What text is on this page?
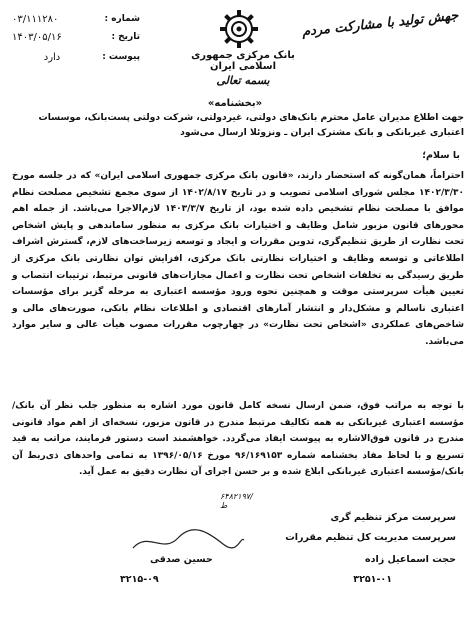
جهش تولید با مشارکت مردم
بانک مرکزی جمهوری اسلامی ایران
بسمه تعالی
شماره :
۰۳/۱۱۱۲۸۰
تاریخ :
۱۴۰۳/۰۵/۱۶
پیوست :
دارد
«بخشنامه»
جهت اطلاع مدیران عامل محترم بانک‌های دولتی، غیردولتی، شرکت دولتی پست‌بانک، موسسات اعتباری غیربانکی و بانک مشترک ایران ـ ونزوئلا ارسال می‌شود
با سلام؛
احتراماً، همان‌گونه که استحضار دارند، «قانون بانک مرکزی جمهوری اسلامی ایران» که در جلسه مورخ ۱۴۰۲/۳/۳۰ مجلس شورای اسلامی تصویب و در تاریخ ۱۴۰۲/۸/۱۷ از سوی مجمع تشخیص مصلحت نظام موافق با مصلحت نظام تشخیص داده شده بود، از تاریخ ۱۴۰۳/۳/۷ لازم‌الاجرا می‌باشد. از جمله اهم محورهای قانون مزبور شامل وظایف و اختیارات بانک مرکزی به منظور ساماندهی و پایش اشخاص تحت نظارت از طریق تنظیم‌گری، تدوین مقررات و ایجاد و توسعه زیرساخت‌های لازم، گسترش اشراف اطلاعاتی و توسعه وظایف و اختیارات نظارتی بانک مرکزی، افزایش توان نظارتی بانک مرکزی از طریق رسیدگی به تخلفات اشخاص تحت نظارت و اعمال مجازات‌های قانونی مرتبط، ترتیبات انتصاب و تعیین هیأت سرپرستی موقت و همچنین نحوه ورود مؤسسه اعتباری به مرحله گزیر برای مؤسسات اعتباری ناسالم و مشکل‌دار و انتشار آمارهای اقتصادی و اطلاعات نظام بانکی، صورت‌های مالی و شاخص‌های عملکردی «اشخاص تحت نظارت» در چهارچوب مقررات مصوب هیأت عالی و سایر موارد می‌باشد.
با توجه به مراتب فوق، ضمن ارسال نسخه کامل قانون مورد اشاره به منظور جلب نظر آن بانک/مؤسسه اعتباری غیربانکی به همه تکالیف مرتبط مندرج در قانون مزبور، نسخه‌ای از اهم مواد قانونی مندرج در قانون فوق‌الاشاره به پیوست ایفاد می‌گردد. خواهشمند است دستور فرمایند، مراتب به قید تسریع و با لحاظ مفاد بخشنامه شماره ۹۶/۱۶۹۱۵۳ مورخ ۱۳۹۶/۰۵/۱۶ به تمامی واحدهای ذی‌ربط آن بانک/مؤسسه اعتباری غیربانکی ابلاغ شده و بر حسن اجرای آن نظارت دقیق به عمل آید.
۶۴۸۲۱۹۷/ط
سرپرست مرکز تنظیم گری
سرپرست مدیریت کل تنظیم مقررات
حجت اسماعیل زاده
۳۲۵۱-۰۱
حسین صدقی
۳۲۱۵-۰۹
